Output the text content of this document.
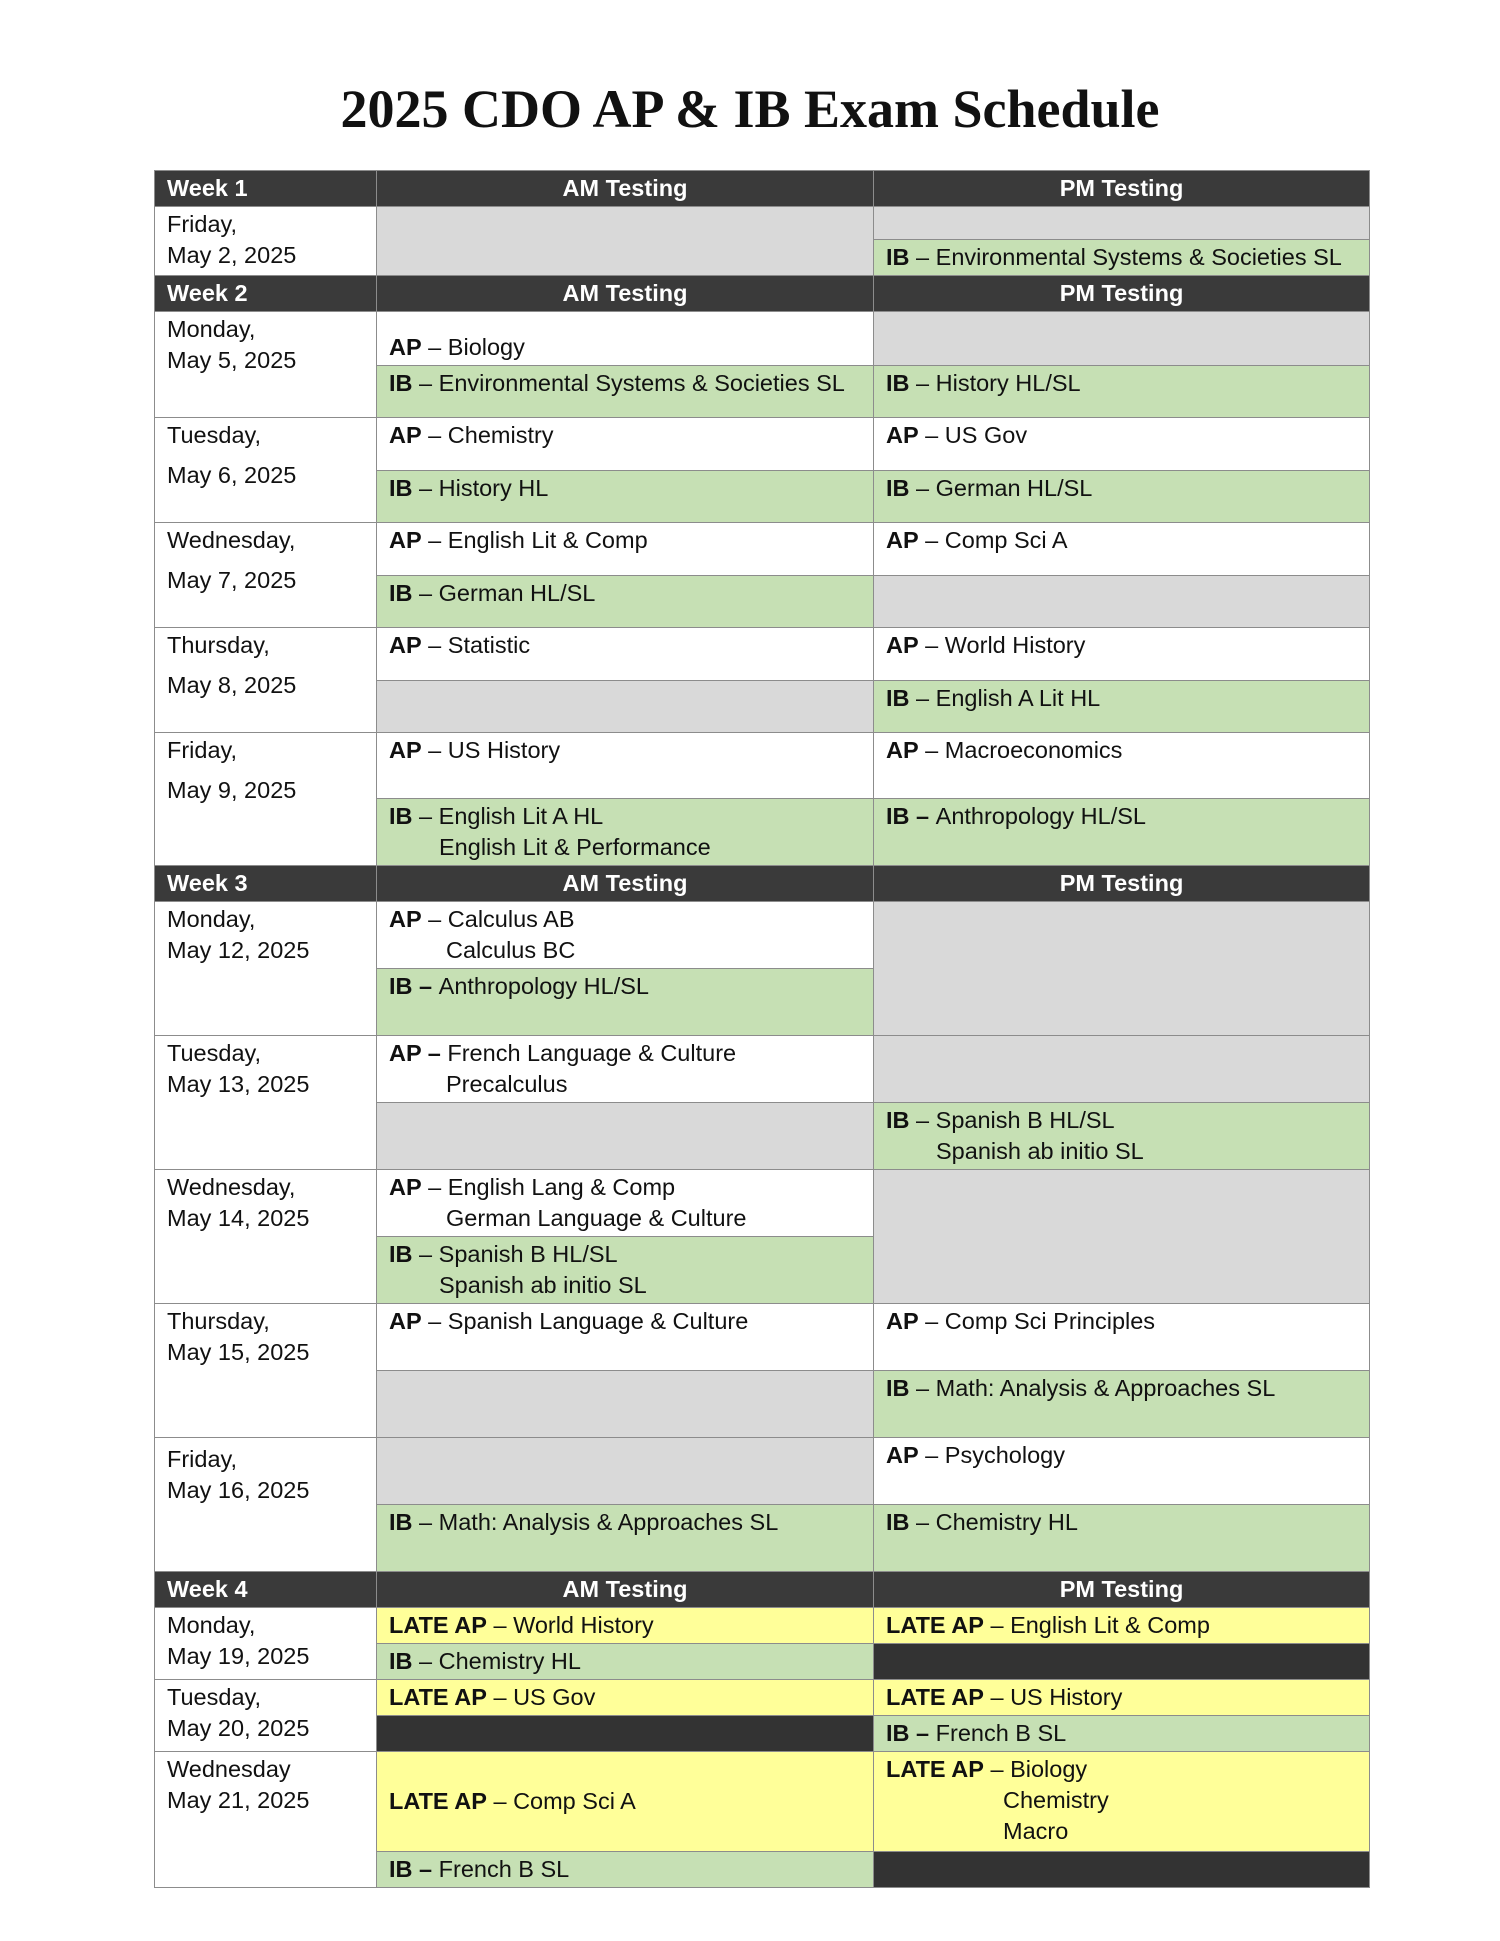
2025 CDO AP & IB Exam Schedule
Week 1	AM Testing	PM Testing

Friday,
May 2, 2025		

		IB – Environmental Systems & Societies SL
Week 2	AM Testing	PM Testing

Monday,
May 5, 2025	AP – Biology	
	IB – Environmental Systems & Societies SL	IB – History HL/SL

Tuesday,
May 6, 2025	AP – Chemistry	AP – US Gov
	IB – History HL	IB – German HL/SL

Wednesday,
May 7, 2025	AP – English Lit & Comp	AP – Comp Sci A
	IB – German HL/SL	

Thursday,
May 8, 2025	AP – Statistic	AP – World History
		IB – English A Lit HL

Friday,
May 9, 2025	AP – US History	AP – Macroeconomics
	IB – English Lit A HL
English Lit & Performance	IB – Anthropology HL/SL
Week 3	AM Testing	PM Testing

Monday,
May 12, 2025	AP – Calculus AB
Calculus BC	

	IB – Anthropology HL/SL	

Tuesday,
May 13, 2025	AP – French Language & Culture
Precalculus	

		IB – Spanish B HL/SL
Spanish ab initio SL

Wednesday,
May 14, 2025	AP – English Lang & Comp
German Language & Culture	

	IB – Spanish B HL/SL
Spanish ab initio SL	

Thursday,
May 15, 2025	AP – Spanish Language & Culture	AP – Comp Sci Principles
		IB – Math: Analysis & Approaches SL

Friday,
May 16, 2025		AP – Psychology
	IB – Math: Analysis & Approaches SL	IB – Chemistry HL
Week 4	AM Testing	PM Testing

Monday,
May 19, 2025	LATE AP – World History	LATE AP – English Lit & Comp
	IB – Chemistry HL	

Tuesday,
May 20, 2025	LATE AP – US Gov	LATE AP – US History
		IB – French B SL

Wednesday
May 21, 2025	LATE AP – Comp Sci A	LATE AP – Biology
Chemistry
Macro

	IB – French B SL	
